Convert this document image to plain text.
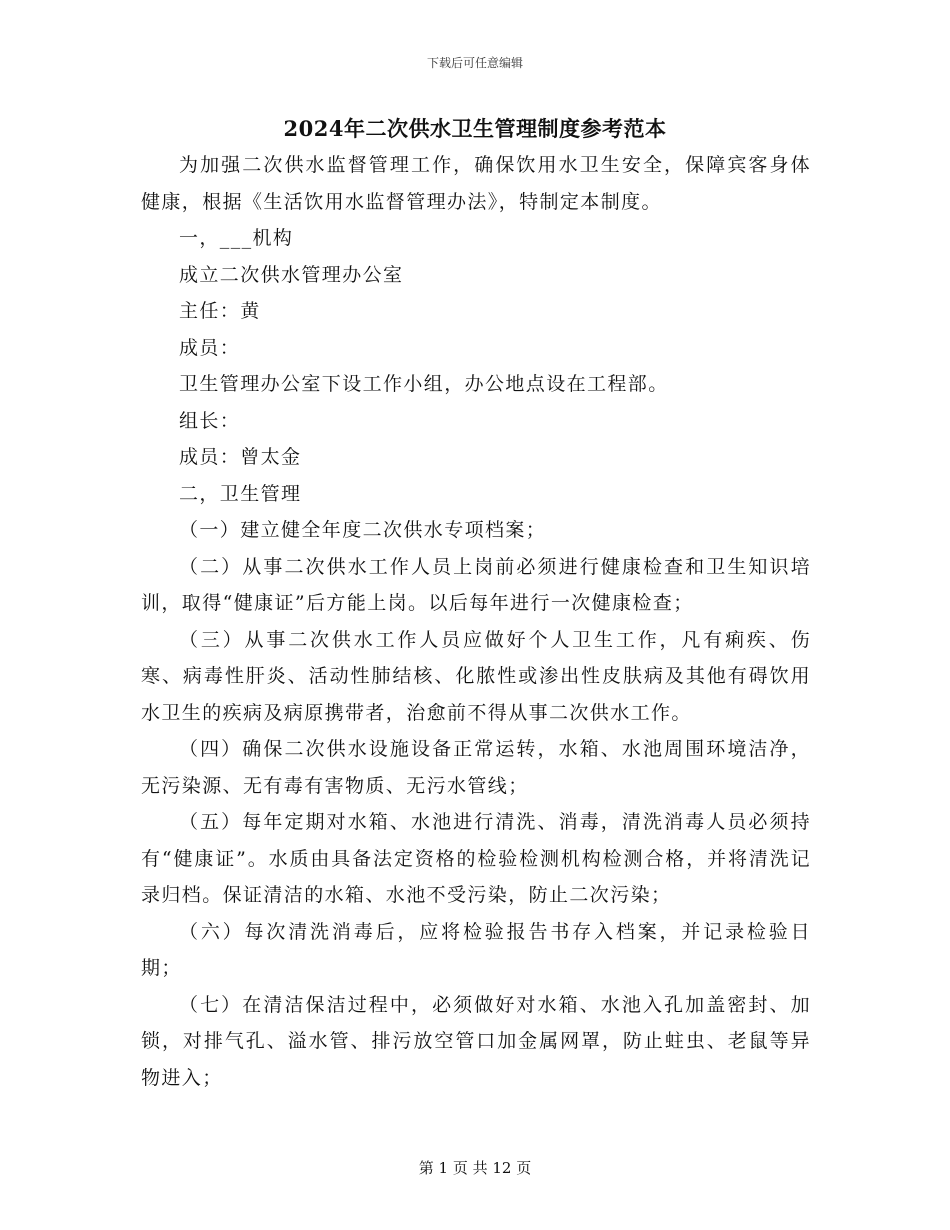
下载后可任意编辑
2024年二次供水卫生管理制度参考范本

为加强二次供水监督管理工作，确保饮用水卫生安全，保障宾客身体健康，根据《生活饮用水监督管理办法》，特制定本制度。

一，___机构

成立二次供水管理办公室

主任：黄

成员：

卫生管理办公室下设工作小组，办公地点设在工程部。

组长：

成员：曾太金

二，卫生管理

（一）建立健全年度二次供水专项档案；

（二）从事二次供水工作人员上岗前必须进行健康检查和卫生知识培训，取得“健康证”后方能上岗。以后每年进行一次健康检查；

（三）从事二次供水工作人员应做好个人卫生工作，凡有痢疾、伤寒、病毒性肝炎、活动性肺结核、化脓性或渗出性皮肤病及其他有碍饮用水卫生的疾病及病原携带者，治愈前不得从事二次供水工作。

（四）确保二次供水设施设备正常运转，水箱、水池周围环境洁净，无污染源、无有毒有害物质、无污水管线；

（五）每年定期对水箱、水池进行清洗、消毒，清洗消毒人员必须持有“健康证”。水质由具备法定资格的检验检测机构检测合格，并将清洗记录归档。保证清洁的水箱、水池不受污染，防止二次污染；

（六）每次清洗消毒后，应将检验报告书存入档案，并记录检验日期；

（七）在清洁保洁过程中，必须做好对水箱、水池入孔加盖密封、加锁，对排气孔、溢水管、排污放空管口加金属网罩，防止蛀虫、老鼠等异物进入；

第 1 页 共 12 页
